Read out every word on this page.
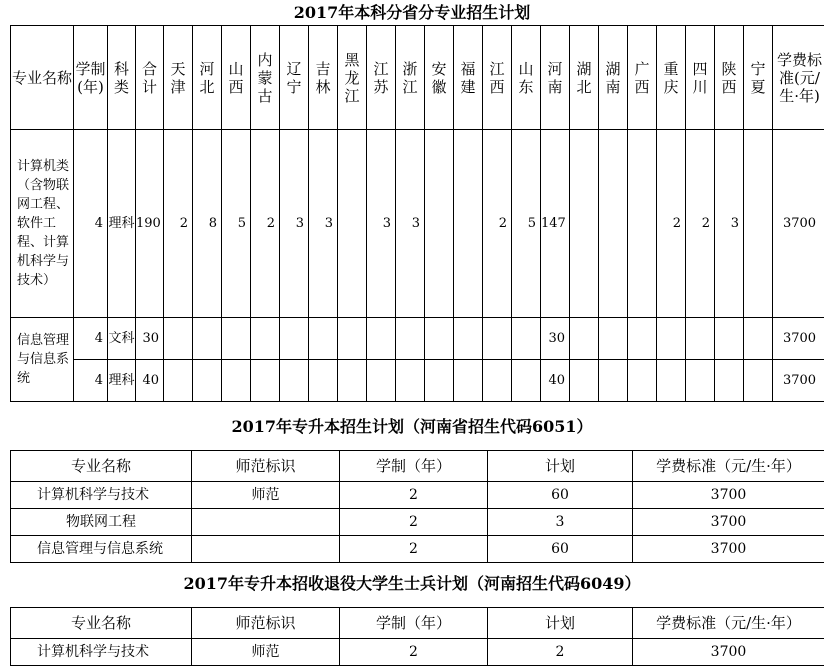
2017年本科分省分专业招生计划
专业名称	学制(年)	科类	合计	天津	河北	山西	内蒙古	辽宁	吉林	黑龙江	江苏	浙江	安徽	福建	江西	山东	河南	湖北	湖南	广西	重庆	四川	陕西	宁夏	学费标准(元/生·年)
计算机类（含物联网工程、软件工程、计算机科学与技术）	4	理科	190	2	8	5	2	3	3		3	3			2	5	147				2	2	3		3700
信息管理与信息系统	4	文科	30														30								3700
	4	理科	40														40								3700
2017年专升本招生计划（河南省招生代码6051）
专业名称	师范标识	学制（年）	计划	学费标准（元/生·年）
计算机科学与技术	师范	2	60	3700
物联网工程		2	3	3700
信息管理与信息系统		2	60	3700
2017年专升本招收退役大学生士兵计划（河南招生代码6049）
专业名称	师范标识	学制（年）	计划	学费标准（元/生·年）
计算机科学与技术	师范	2	2	3700
